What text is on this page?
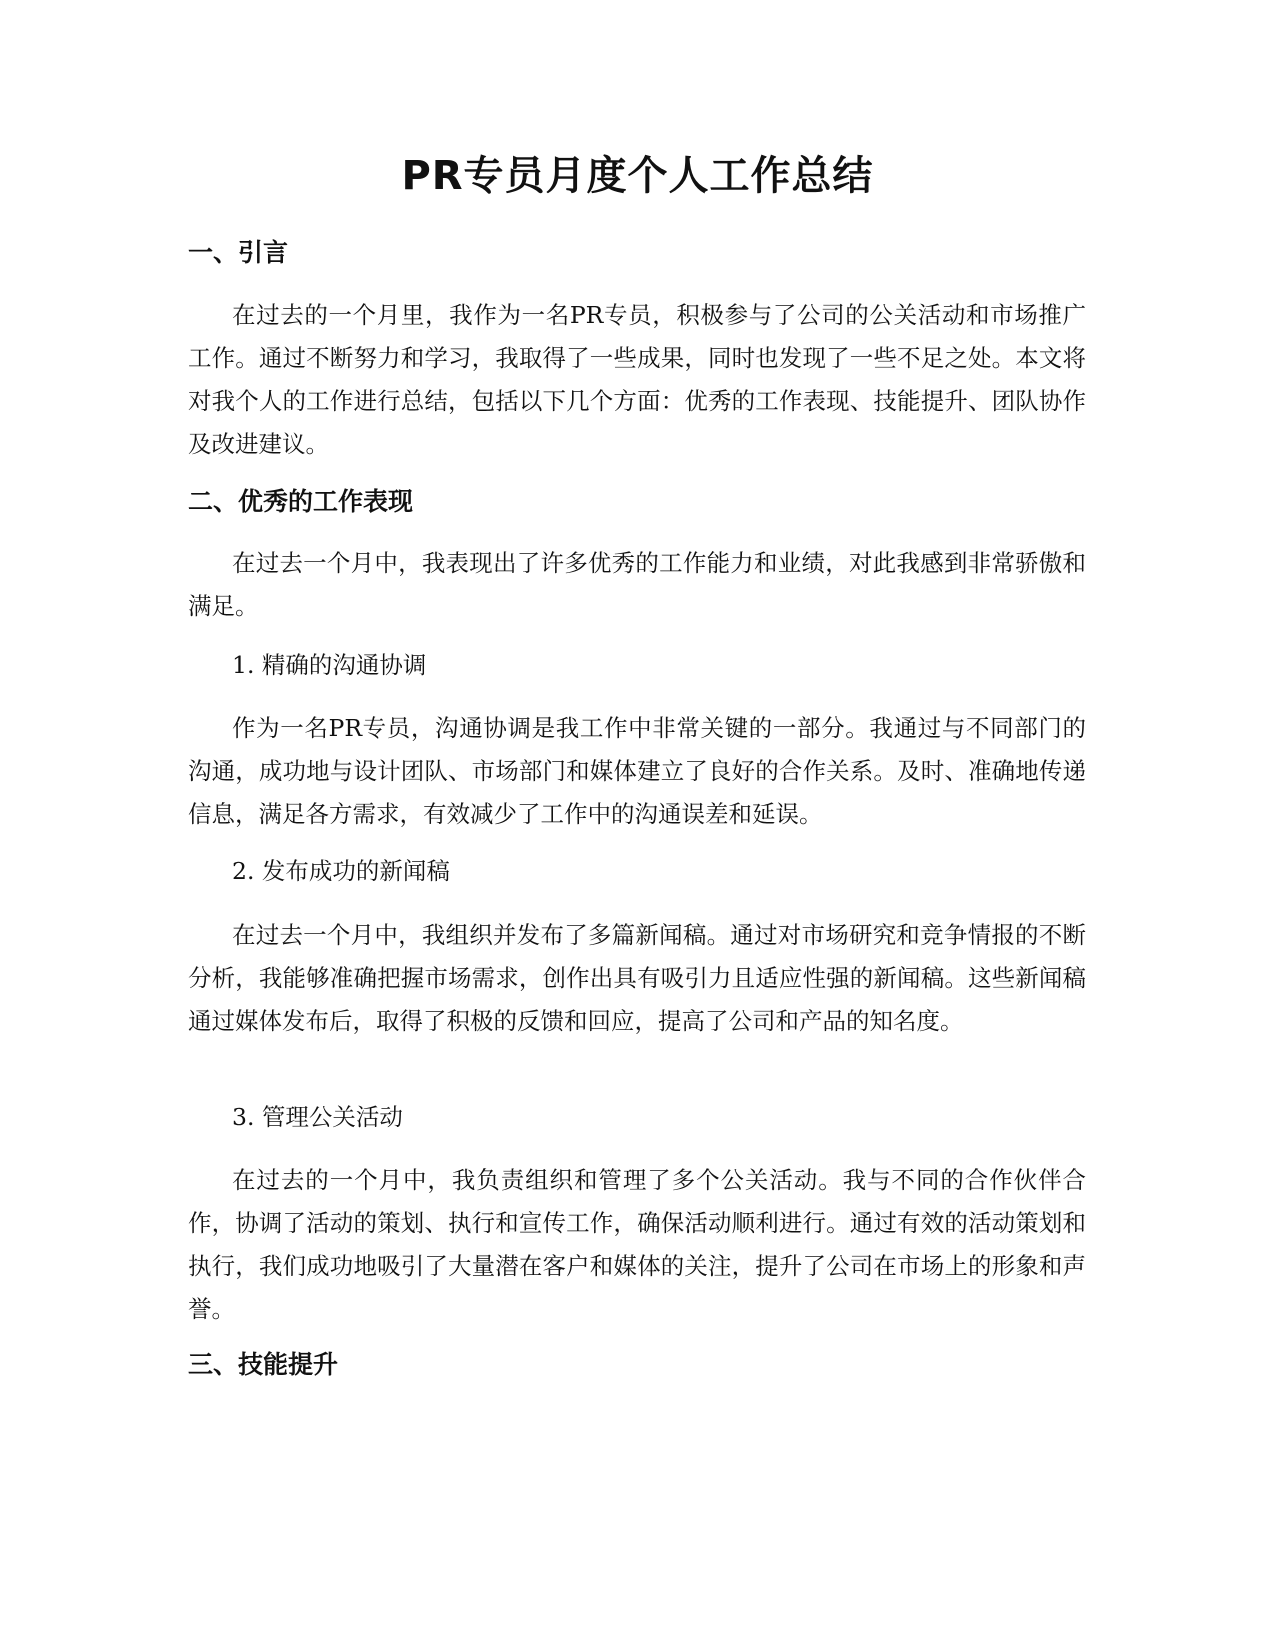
PR专员月度个人工作总结
一、引言

在过去的一个月里，我作为一名PR专员，积极参与了公司的公关活动和市场推广工作。通过不断努力和学习，我取得了一些成果，同时也发现了一些不足之处。本文将对我个人的工作进行总结，包括以下几个方面：优秀的工作表现、技能提升、团队协作及改进建议。

二、优秀的工作表现

在过去一个月中，我表现出了许多优秀的工作能力和业绩，对此我感到非常骄傲和满足。

1. 精确的沟通协调

作为一名PR专员，沟通协调是我工作中非常关键的一部分。我通过与不同部门的沟通，成功地与设计团队、市场部门和媒体建立了良好的合作关系。及时、准确地传递信息，满足各方需求，有效减少了工作中的沟通误差和延误。

2. 发布成功的新闻稿

在过去一个月中，我组织并发布了多篇新闻稿。通过对市场研究和竞争情报的不断分析，我能够准确把握市场需求，创作出具有吸引力且适应性强的新闻稿。这些新闻稿通过媒体发布后，取得了积极的反馈和回应，提高了公司和产品的知名度。

3. 管理公关活动

在过去的一个月中，我负责组织和管理了多个公关活动。我与不同的合作伙伴合作，协调了活动的策划、执行和宣传工作，确保活动顺利进行。通过有效的活动策划和执行，我们成功地吸引了大量潜在客户和媒体的关注，提升了公司在市场上的形象和声誉。

三、技能提升
